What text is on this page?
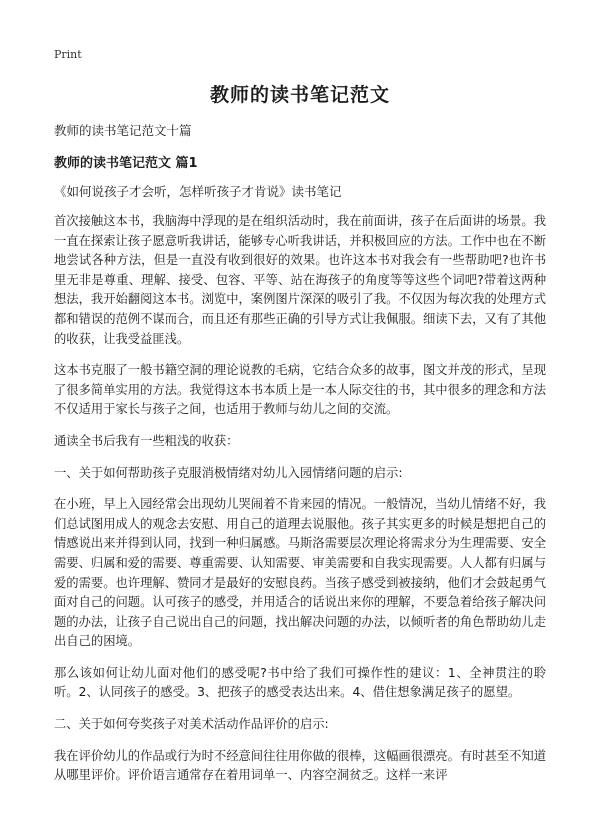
Print
教师的读书笔记范文
教师的读书笔记范文十篇
教师的读书笔记范文 篇1
《如何说孩子才会听，怎样听孩子才肯说》读书笔记

首次接触这本书，我脑海中浮现的是在组织活动时，我在前面讲，孩子在后面讲的场景。我一直在探索让孩子愿意听我讲话，能够专心听我讲话，并积极回应的方法。工作中也在不断地尝试各种方法，但是一直没有收到很好的效果。也许这本书对我会有一些帮助吧?也许书里无非是尊重、理解、接受、包容、平等、站在海孩子的角度等等这些个词吧?带着这两种想法，我开始翻阅这本书。浏览中，案例图片深深的吸引了我。不仅因为每次我的处理方式都和错误的范例不谋而合，而且还有那些正确的引导方式让我佩服。细读下去，又有了其他的收获，让我受益匪浅。

这本书克服了一般书籍空洞的理论说教的毛病，它结合众多的故事，图文并茂的形式，呈现了很多简单实用的方法。我觉得这本书本质上是一本人际交往的书，其中很多的理念和方法不仅适用于家长与孩子之间，也适用于教师与幼儿之间的交流。

通读全书后我有一些粗浅的收获：

一、关于如何帮助孩子克服消极情绪对幼儿入园情绪问题的启示:

在小班，早上入园经常会出现幼儿哭闹着不肯来园的情况。一般情况，当幼儿情绪不好，我们总试图用成人的观念去安慰、用自己的道理去说服他。孩子其实更多的时候是想把自己的情感说出来并得到认同，找到一种归属感。马斯洛需要层次理论将需求分为生理需要、安全需要、归属和爱的需要、尊重需要、认知需要、审美需要和自我实现需要。人人都有归属与爱的需要。也许理解、赞同才是最好的安慰良药。当孩子感受到被接纳，他们才会鼓起勇气面对自己的问题。认可孩子的感受，并用适合的话说出来你的理解，不要急着给孩子解决问题的办法，让孩子自己说出自己的问题，找出解决问题的办法，以倾听者的角色帮助幼儿走出自己的困境。

那么该如何让幼儿面对他们的感受呢?书中给了我们可操作性的建议：1、全神贯注的聆听。2、认同孩子的感受。3、把孩子的感受表达出来。4、借住想象满足孩子的愿望。

二、关于如何夸奖孩子对美术活动作品评价的启示:

我在评价幼儿的作品或行为时不经意间往往用你做的很棒，这幅画很漂亮。有时甚至不知道从哪里评价。评价语言通常存在着用词单一、内容空洞贫乏。这样一来评
